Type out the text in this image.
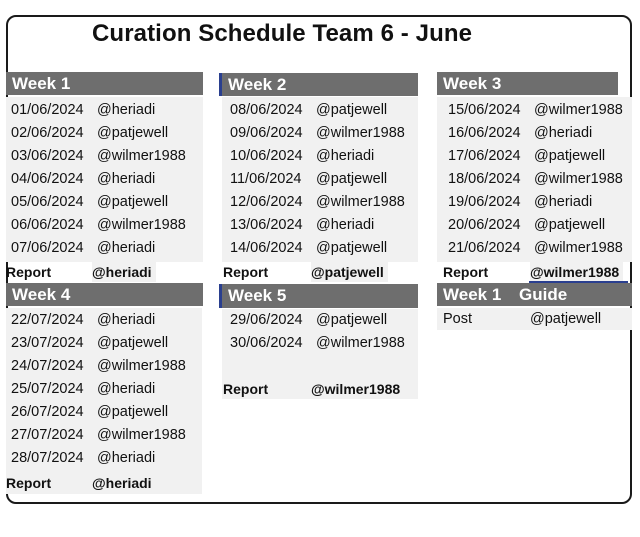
Curation Schedule Team 6 - June
Week 1
01/06/2024 @heriadi
02/06/2024 @patjewell
03/06/2024 @wilmer1988
04/06/2024 @heriadi
05/06/2024 @patjewell
06/06/2024 @wilmer1988
07/06/2024 @heriadi
Report	@heriadi
Week 2
08/06/2024 @patjewell
09/06/2024 @wilmer1988
10/06/2024 @heriadi
11/06/2024 @patjewell
12/06/2024 @wilmer1988
13/06/2024 @heriadi
14/06/2024 @patjewell
Report	@patjewell
Week 3
15/06/2024 @wilmer1988
16/06/2024 @heriadi
17/06/2024 @patjewell
18/06/2024 @wilmer1988
19/06/2024 @heriadi
20/06/2024 @patjewell
21/06/2024 @wilmer1988
Report	@wilmer1988
Week 4
22/07/2024 @heriadi
23/07/2024 @patjewell
24/07/2024 @wilmer1988
25/07/2024 @heriadi
26/07/2024 @patjewell
27/07/2024 @wilmer1988
28/07/2024 @heriadi
Report	@heriadi
Week 5
29/06/2024 @patjewell
30/06/2024 @wilmer1988
Report	@wilmer1988
Week 1 Guide
Post	@patjewell
